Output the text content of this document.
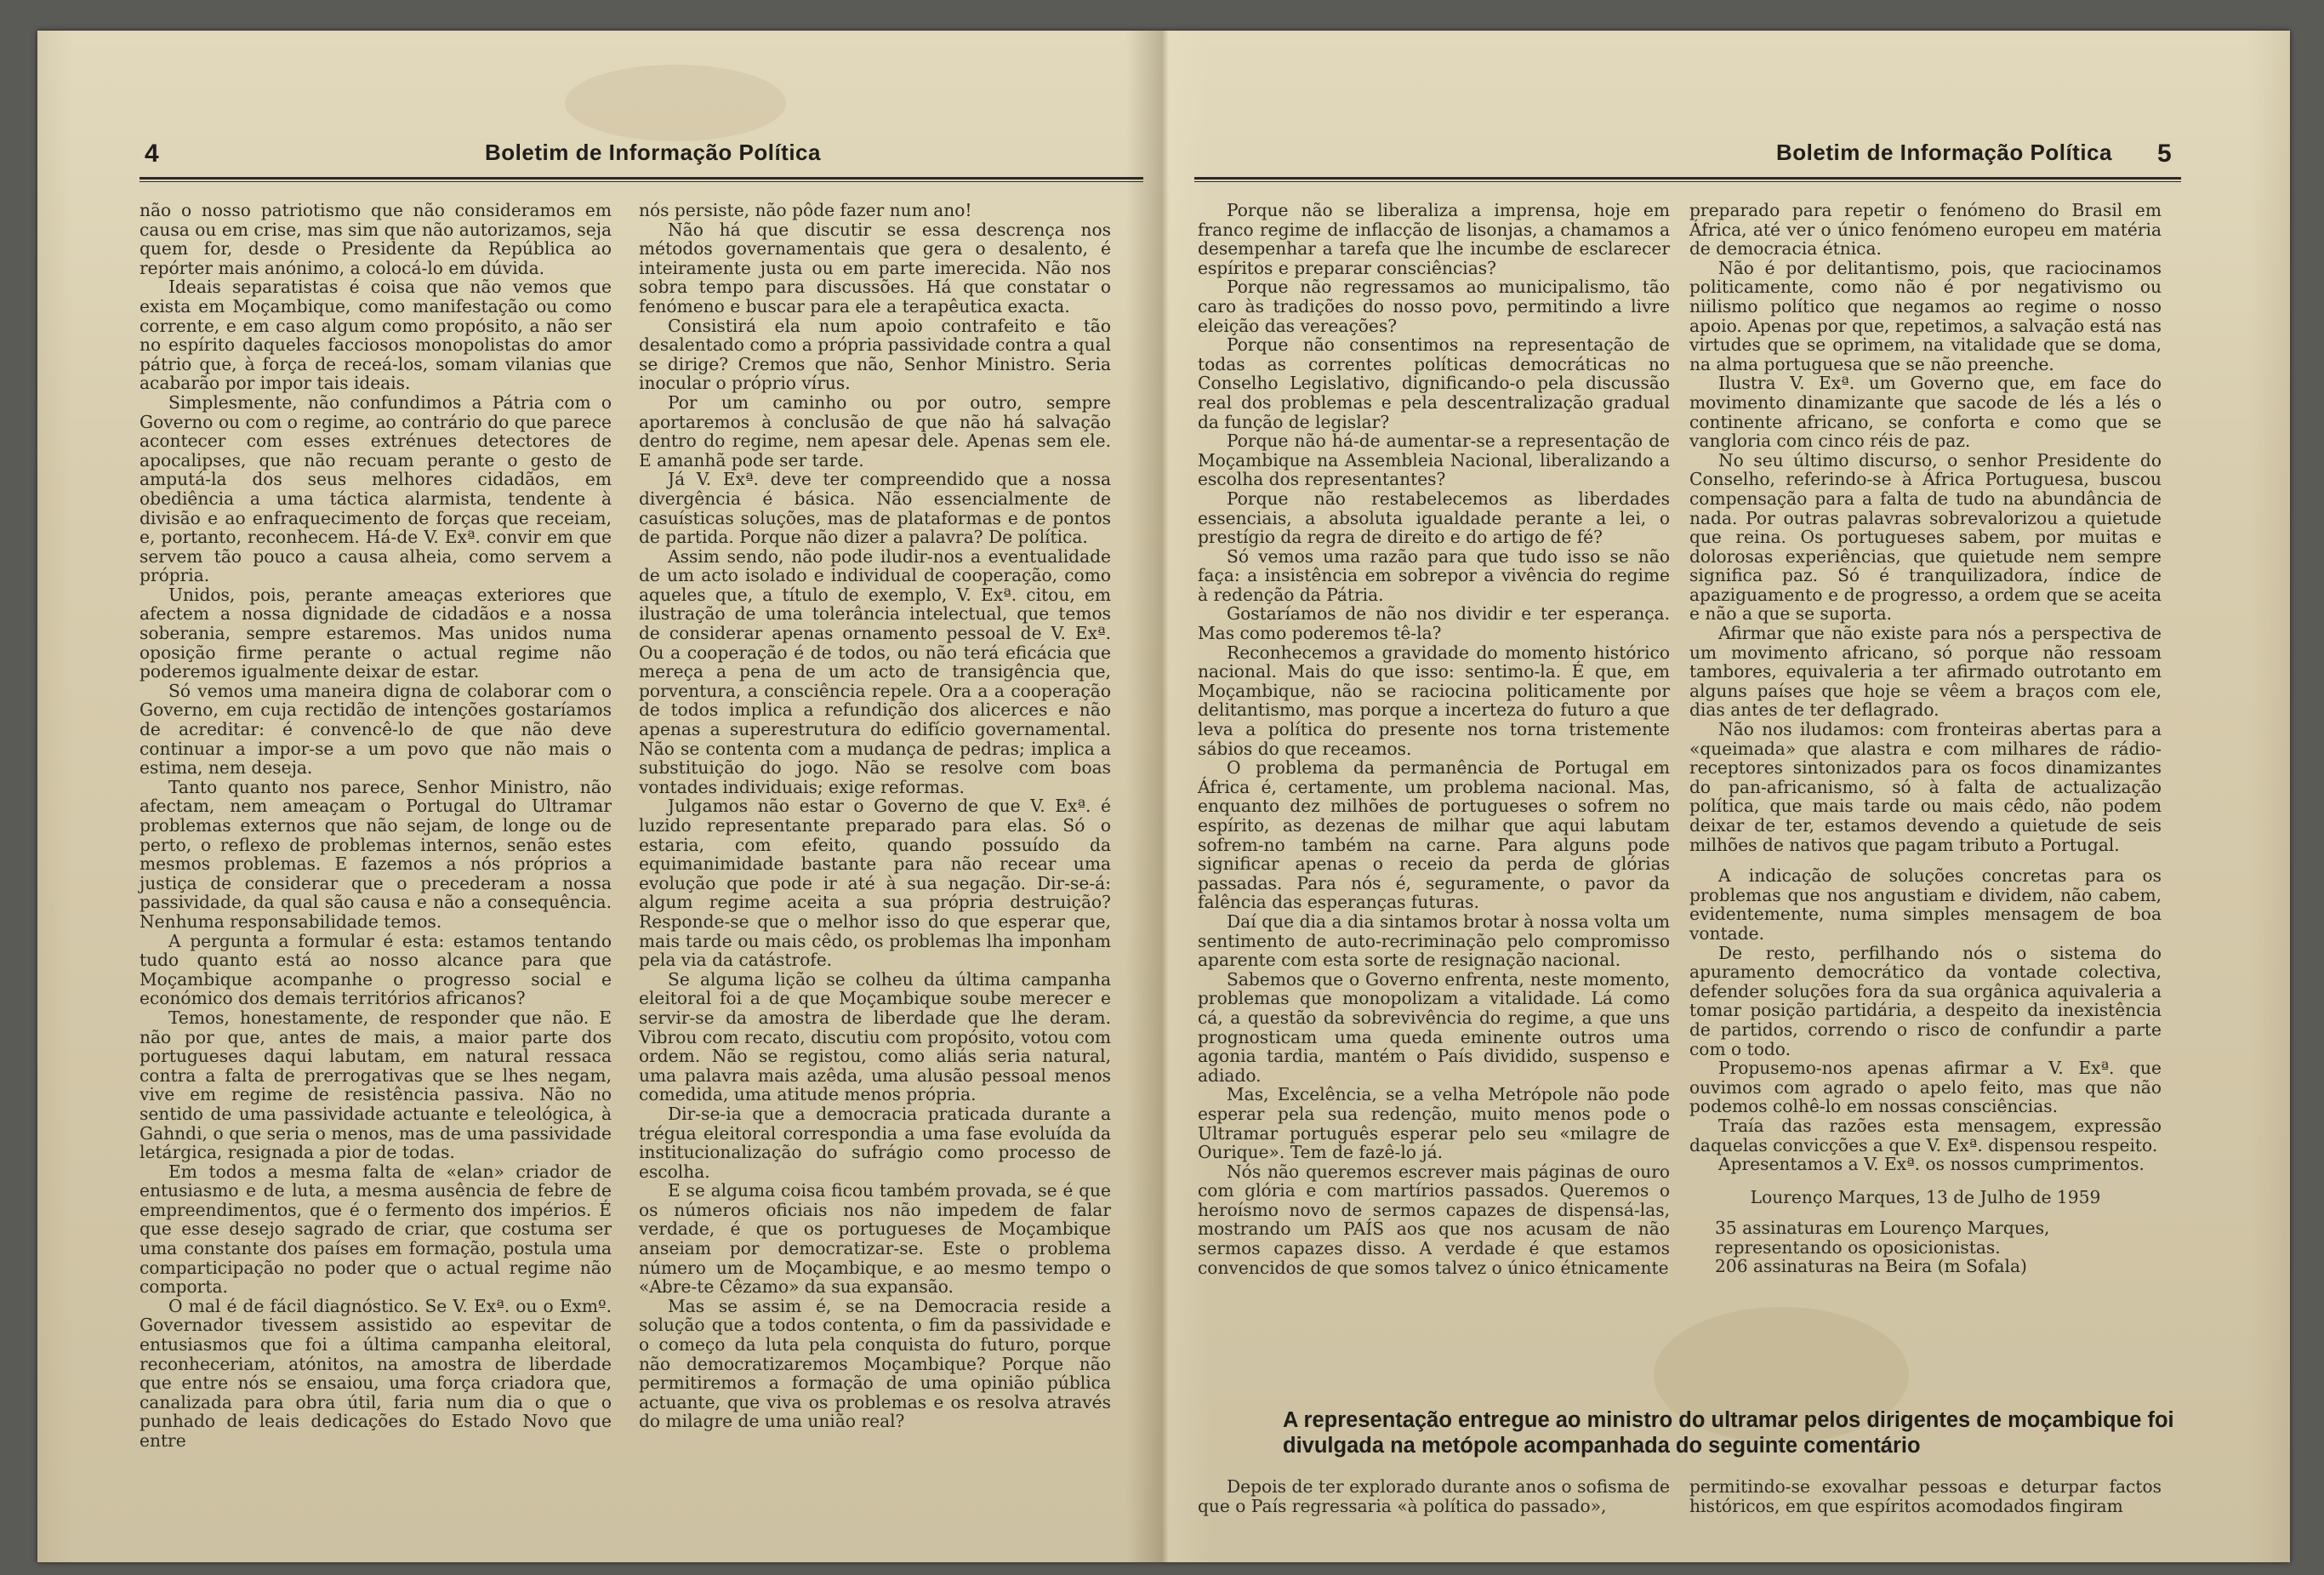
4	Boletim de Informação Política

não o nosso patriotismo que não consideramos em causa ou em crise, mas sim que não autorizamos, seja quem for, desde o Presidente da República ao repórter mais anónimo, a colocá-lo em dúvida.

Ideais separatistas é coisa que não vemos que exista em Moçambique, como manifestação ou como corrente, e em caso algum como propósito, a não ser no espírito daqueles facciosos monopolistas do amor pátrio que, à força de receá-los, somam vilanias que acabarão por impor tais ideais.

Simplesmente, não confundimos a Pátria com o Governo ou com o regime, ao contrário do que parece acontecer com esses extrénues detectores de apocalipses, que não recuam perante o gesto de amputá-la dos seus melhores cidadãos, em obediência a uma táctica alarmista, tendente à divisão e ao enfraquecimento de forças que receiam, e, portanto, reconhecem. Há-de V. Exª. convir em que servem tão pouco a causa alheia, como servem a própria.

Unidos, pois, perante ameaças exteriores que afectem a nossa dignidade de cidadãos e a nossa soberania, sempre estaremos. Mas unidos numa oposição firme perante o actual regime não poderemos igualmente deixar de estar.

Só vemos uma maneira digna de colaborar com o Governo, em cuja rectidão de intenções gostaríamos de acreditar: é convencê-lo de que não deve continuar a impor-se a um povo que não mais o estima, nem deseja.

Tanto quanto nos parece, Senhor Ministro, não afectam, nem ameaçam o Portugal do Ultramar problemas externos que não sejam, de longe ou de perto, o reflexo de problemas internos, senão estes mesmos problemas. E fazemos a nós próprios a justiça de considerar que o precederam a nossa passividade, da qual são causa e não a consequência. Nenhuma responsabilidade temos.

A pergunta a formular é esta: estamos tentando tudo quanto está ao nosso alcance para que Moçambique acompanhe o progresso social e económico dos demais territórios africanos?

Temos, honestamente, de responder que não. E não por que, antes de mais, a maior parte dos portugueses daqui labutam, em natural ressaca contra a falta de prerrogativas que se lhes negam, vive em regime de resistência passiva. Não no sentido de uma passividade actuante e teleológica, à Gahndi, o que seria o menos, mas de uma passividade letárgica, resignada a pior de todas.

Em todos a mesma falta de «elan» criador de entusiasmo e de luta, a mesma ausência de febre de empreendimentos, que é o fermento dos impérios. É que esse desejo sagrado de criar, que costuma ser uma constante dos países em formação, postula uma comparticipação no poder que o actual regime não comporta.

O mal é de fácil diagnóstico. Se V. Exª. ou o Exmº. Governador tivessem assistido ao espevitar de entusiasmos que foi a última campanha eleitoral, reconheceriam, atónitos, na amostra de liberdade que entre nós se ensaiou, uma força criadora que, canalizada para obra útil, faria num dia o que o punhado de leais dedicações do Estado Novo que entre

nós persiste, não pôde fazer num ano!

Não há que discutir se essa descrença nos métodos governamentais que gera o desalento, é inteiramente justa ou em parte imerecida. Não nos sobra tempo para discussões. Há que constatar o fenómeno e buscar para ele a terapêutica exacta.

Consistirá ela num apoio contrafeito e tão desalentado como a própria passividade contra a qual se dirige? Cremos que não, Senhor Ministro. Seria inocular o próprio vírus.

Por um caminho ou por outro, sempre aportaremos à conclusão de que não há salvação dentro do regime, nem apesar dele. Apenas sem ele. E amanhã pode ser tarde.

Já V. Exª. deve ter compreendido que a nossa divergência é básica. Não essencialmente de casuísticas soluções, mas de plataformas e de pontos de partida. Porque não dizer a palavra? De política.

Assim sendo, não pode iludir-nos a eventualidade de um acto isolado e individual de cooperação, como aqueles que, a título de exemplo, V. Exª. citou, em ilustração de uma tolerância intelectual, que temos de considerar apenas ornamento pessoal de V. Exª. Ou a cooperação é de todos, ou não terá eficácia que mereça a pena de um acto de transigência que, porventura, a consciência repele. Ora a a cooperação de todos implica a refundição dos alicerces e não apenas a superestrutura do edifício governamental. Não se contenta com a mudança de pedras; implica a substituição do jogo. Não se resolve com boas vontades individuais; exige reformas.

Julgamos não estar o Governo de que V. Exª. é luzido representante preparado para elas. Só o estaria, com efeito, quando possuído da equimanimidade bastante para não recear uma evolução que pode ir até à sua negação. Dir-se-á: algum regime aceita a sua própria destruição? Responde-se que o melhor isso do que esperar que, mais tarde ou mais cêdo, os problemas lha imponham pela via da catástrofe.

Se alguma lição se colheu da última campanha eleitoral foi a de que Moçambique soube merecer e servir-se da amostra de liberdade que lhe deram. Vibrou com recato, discutiu com propósito, votou com ordem. Não se registou, como aliás seria natural, uma palavra mais azêda, uma alusão pessoal menos comedida, uma atitude menos própria.

Dir-se-ia que a democracia praticada durante a trégua eleitoral correspondia a uma fase evoluída da institucionalização do sufrágio como processo de escolha.

E se alguma coisa ficou também provada, se é que os números oficiais nos não impedem de falar verdade, é que os portugueses de Moçambique anseiam por democratizar-se. Este o problema número um de Moçambique, e ao mesmo tempo o «Abre-te Cêzamo» da sua expansão.

Mas se assim é, se na Democracia reside a solução que a todos contenta, o fim da passividade e o começo da luta pela conquista do futuro, porque não democratizaremos Moçambique? Porque não permitiremos a formação de uma opinião pública actuante, que viva os problemas e os resolva através do milagre de uma união real?

Boletim de Informação Política 5

Porque não se liberaliza a imprensa, hoje em franco regime de inflacção de lisonjas, a chamamos a desempenhar a tarefa que lhe incumbe de esclarecer espíritos e preparar consciências?

Porque não regressamos ao municipalismo, tão caro às tradições do nosso povo, permitindo a livre eleição das vereações?

Porque não consentimos na representação de todas as correntes políticas democráticas no Conselho Legislativo, dignificando-o pela discussão real dos problemas e pela descentralização gradual da função de legislar?

Porque não há-de aumentar-se a representação de Moçambique na Assembleia Nacional, liberalizando a escolha dos representantes?

Porque não restabelecemos as liberdades essenciais, a absoluta igualdade perante a lei, o prestígio da regra de direito e do artigo de fé?

Só vemos uma razão para que tudo isso se não faça: a insistência em sobrepor a vivência do regime à redenção da Pátria.

Gostaríamos de não nos dividir e ter esperança. Mas como poderemos tê-la?

Reconhecemos a gravidade do momento histórico nacional. Mais do que isso: sentimo-la. É que, em Moçambique, não se raciocina politicamente por delitantismo, mas porque a incerteza do futuro a que leva a política do presente nos torna tristemente sábios do que receamos.

O problema da permanência de Portugal em África é, certamente, um problema nacional. Mas, enquanto dez milhões de portugueses o sofrem no espírito, as dezenas de milhar que aqui labutam sofrem-no também na carne. Para alguns pode significar apenas o receio da perda de glórias passadas. Para nós é, seguramente, o pavor da falência das esperanças futuras.

Daí que dia a dia sintamos brotar à nossa volta um sentimento de auto-recriminação pelo compromisso aparente com esta sorte de resignação nacional.

Sabemos que o Governo enfrenta, neste momento, problemas que monopolizam a vitalidade. Lá como cá, a questão da sobrevivência do regime, a que uns prognosticam uma queda eminente outros uma agonia tardia, mantém o País dividido, suspenso e adiado.

Mas, Excelência, se a velha Metrópole não pode esperar pela sua redenção, muito menos pode o Ultramar português esperar pelo seu «milagre de Ourique». Tem de fazê-lo já.

Nós não queremos escrever mais páginas de ouro com glória e com martírios passados. Queremos o heroísmo novo de sermos capazes de dispensá-las, mostrando um PAÍS aos que nos acusam de não sermos capazes disso. A verdade é que estamos convencidos de que somos talvez o único étnicamente

preparado para repetir o fenómeno do Brasil em África, até ver o único fenómeno europeu em matéria de democracia étnica.

Não é por delitantismo, pois, que raciocinamos politicamente, como não é por negativismo ou niilismo político que negamos ao regime o nosso apoio. Apenas por que, repetimos, a salvação está nas virtudes que se oprimem, na vitalidade que se doma, na alma portuguesa que se não preenche.

Ilustra V. Exª. um Governo que, em face do movimento dinamizante que sacode de lés a lés o continente africano, se conforta e como que se vangloria com cinco réis de paz.

No seu último discurso, o senhor Presidente do Conselho, referindo-se à África Portuguesa, buscou compensação para a falta de tudo na abundância de nada. Por outras palavras sobrevalorizou a quietude que reina. Os portugueses sabem, por muitas e dolorosas experiências, que quietude nem sempre significa paz. Só é tranquilizadora, índice de apaziguamento e de progresso, a ordem que se aceita e não a que se suporta.

Afirmar que não existe para nós a perspectiva de um movimento africano, só porque não ressoam tambores, equivaleria a ter afirmado outrotanto em alguns países que hoje se vêem a braços com ele, dias antes de ter deflagrado.

Não nos iludamos: com fronteiras abertas para a «queimada» que alastra e com milhares de rádio-receptores sintonizados para os focos dinamizantes do pan-africanismo, só à falta de actualização política, que mais tarde ou mais cêdo, não podem deixar de ter, estamos devendo a quietude de seis milhões de nativos que pagam tributo a Portugal.

A indicação de soluções concretas para os problemas que nos angustiam e dividem, não cabem, evidentemente, numa simples mensagem de boa vontade.

De resto, perfilhando nós o sistema do apuramento democrático da vontade colectiva, defender soluções fora da sua orgânica aquivaleria a tomar posição partidária, a despeito da inexistência de partidos, correndo o risco de confundir a parte com o todo.

Propusemo-nos apenas afirmar a V. Exª. que ouvimos com agrado o apelo feito, mas que não podemos colhê-lo em nossas consciências.

Traía das razões esta mensagem, expressão daquelas convicções a que V. Exª. dispensou respeito.

Apresentamos a V. Exª. os nossos cumprimentos.

Lourenço Marques, 13 de Julho de 1959

35 assinaturas em Lourenço Marques, representando os oposicionistas.
206 assinaturas na Beira (m Sofala)
A representação entregue ao ministro do ultramar pelos dirigentes de moçambique foi divulgada na metópole acompanhada do seguinte comentário

Depois de ter explorado durante anos o sofisma de que o País regressaria «à política do passado»,

permitindo-se exovalhar pessoas e deturpar factos históricos, em que espíritos acomodados fingiram
